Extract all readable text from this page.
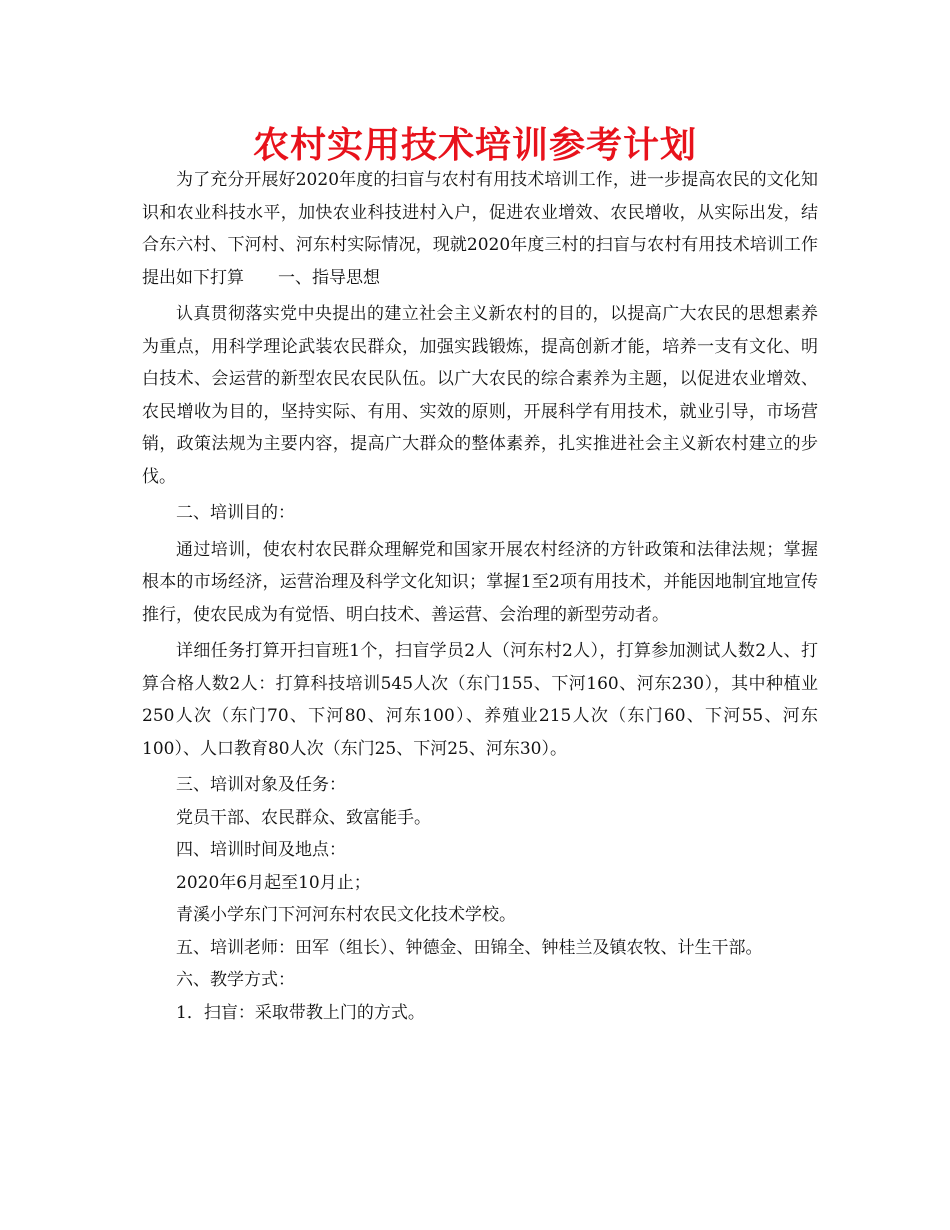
农村实用技术培训参考计划

为了充分开展好2020年度的扫盲与农村有用技术培训工作，进一步提高农民的文化知识和农业科技水平，加快农业科技进村入户，促进农业增效、农民增收，从实际出发，结合东六村、下河村、河东村实际情况，现就2020年度三村的扫盲与农村有用技术培训工作提出如下打算　　一、指导思想

认真贯彻落实党中央提出的建立社会主义新农村的目的，以提高广大农民的思想素养为重点，用科学理论武装农民群众，加强实践锻炼，提高创新才能，培养一支有文化、明白技术、会运营的新型农民农民队伍。以广大农民的综合素养为主题，以促进农业增效、农民增收为目的，坚持实际、有用、实效的原则，开展科学有用技术，就业引导，市场营销，政策法规为主要内容，提高广大群众的整体素养，扎实推进社会主义新农村建立的步伐。

二、培训目的：

通过培训，使农村农民群众理解党和国家开展农村经济的方针政策和法律法规；掌握根本的市场经济，运营治理及科学文化知识；掌握1至2项有用技术，并能因地制宜地宣传推行，使农民成为有觉悟、明白技术、善运营、会治理的新型劳动者。

详细任务打算开扫盲班1个，扫盲学员2人（河东村2人），打算参加测试人数2人、打算合格人数2人：打算科技培训545人次（东门155、下河160、河东230），其中种植业250人次（东门70、下河80、河东100）、养殖业215人次（东门60、下河55、河东100）、人口教育80人次（东门25、下河25、河东30）。

三、培训对象及任务：

党员干部、农民群众、致富能手。

四、培训时间及地点：

2020年6月起至10月止；

青溪小学东门下河河东村农民文化技术学校。

五、培训老师：田军（组长）、钟德金、田锦全、钟桂兰及镇农牧、计生干部。

六、教学方式：

1．扫盲：采取带教上门的方式。
